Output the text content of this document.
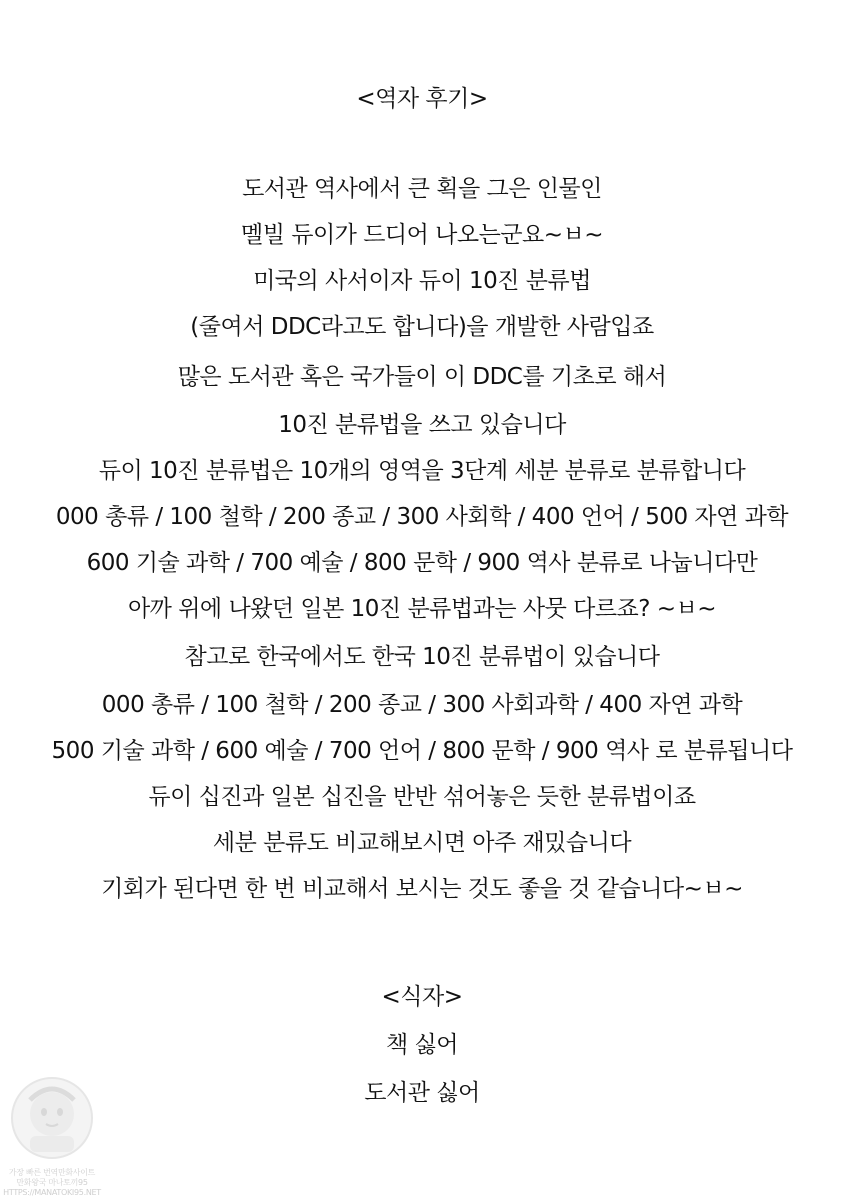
<역자 후기>
도서관 역사에서 큰 획을 그은 인물인
멜빌 듀이가 드디어 나오는군요~ㅂ~
미국의 사서이자 듀이 10진 분류법
(줄여서 DDC라고도 합니다)을 개발한 사람입죠
많은 도서관 혹은 국가들이 이 DDC를 기초로 해서
10진 분류법을 쓰고 있습니다
듀이 10진 분류법은 10개의 영역을 3단계 세분 분류로 분류합니다
000 총류 / 100 철학 / 200 종교 / 300 사회학 / 400 언어 / 500 자연 과학
600 기술 과학 / 700 예술 / 800 문학 / 900 역사 분류로 나눕니다만
아까 위에 나왔던 일본 10진 분류법과는 사뭇 다르죠? ~ㅂ~
참고로 한국에서도 한국 10진 분류법이 있습니다
000 총류 / 100 철학 / 200 종교 / 300 사회과학 / 400 자연 과학
500 기술 과학 / 600 예술 / 700 언어 / 800 문학 / 900 역사 로 분류됩니다
듀이 십진과 일본 십진을 반반 섞어놓은 듯한 분류법이죠
세분 분류도 비교해보시면 아주 재밌습니다
기회가 된다면 한 번 비교해서 보시는 것도 좋을 것 같습니다~ㅂ~
<식자>
책 싫어
도서관 싫어
가장 빠른 번역만화사이트
만화왕국 마나토끼95
HTTPS://MANATOKI95.NET
